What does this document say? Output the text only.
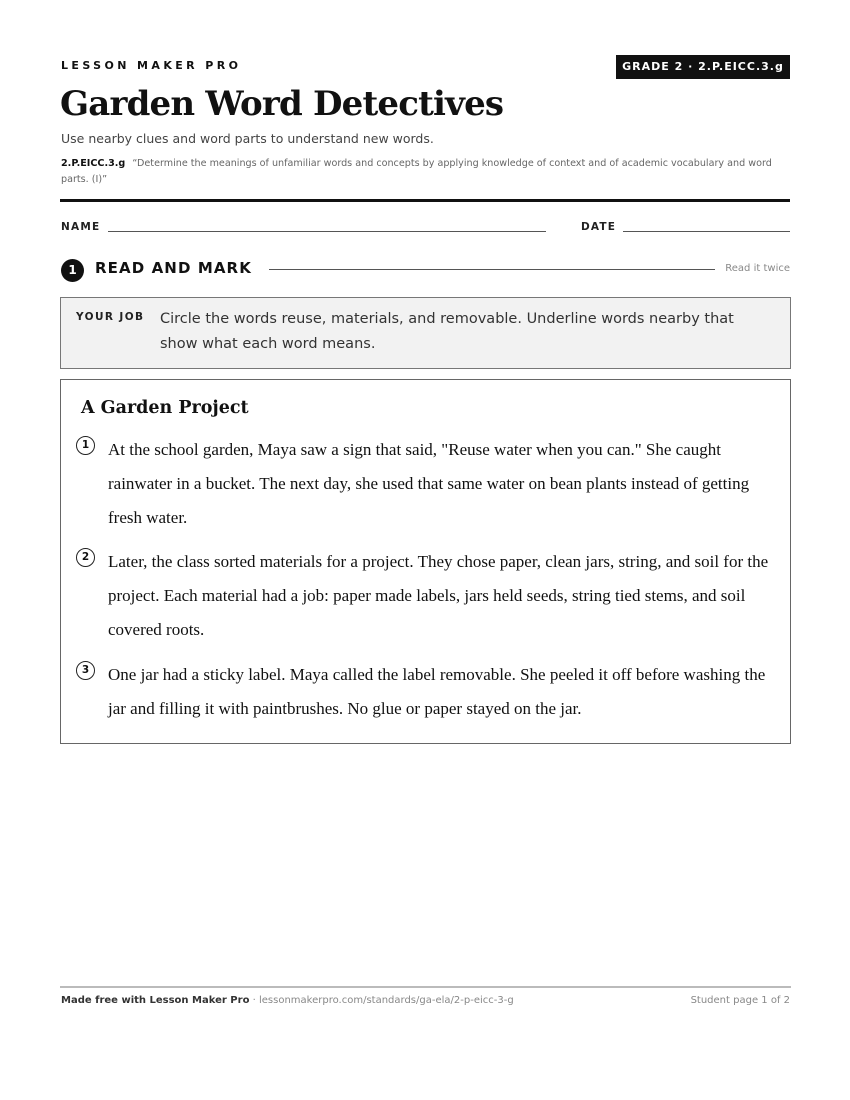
LESSON MAKER PRO	GRADE 2 · 2.P.EICC.3.g
Garden Word Detectives
Use nearby clues and word parts to understand new words.
2.P.EICC.3.g “Determine the meanings of unfamiliar words and concepts by applying knowledge of context and of academic vocabulary and word parts. (I)”
NAME	DATE
1	READ AND MARK	Read it twice
YOUR JOB Circle the words reuse, materials, and removable. Underline words nearby that show what each word means.
A Garden Project
1	At the school garden, Maya saw a sign that said, "Reuse water when you can." She caught rainwater in a bucket. The next day, she used that same water on bean plants instead of getting fresh water.
2	Later, the class sorted materials for a project. They chose paper, clean jars, string, and soil for the project. Each material had a job: paper made labels, jars held seeds, string tied stems, and soil covered roots.
3	One jar had a sticky label. Maya called the label removable. She peeled it off before washing the jar and filling it with paintbrushes. No glue or paper stayed on the jar.
Made free with Lesson Maker Pro · lessonmakerpro.com/standards/ga-ela/2-p-eicc-3-g	Student page 1 of 2
